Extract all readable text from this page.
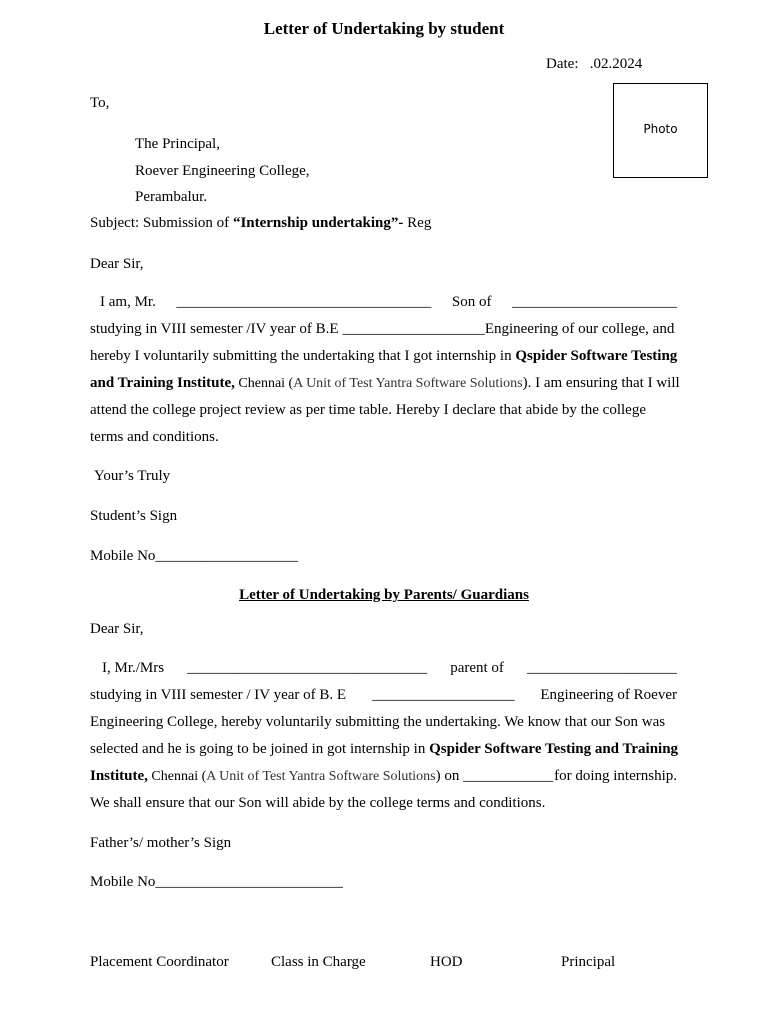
Letter of Undertaking by student
Date: .02.2024
Photo
To,
The Principal,
Roever Engineering College,
Perambalur.
Subject: Submission of “Internship undertaking”- Reg
Dear Sir,
I am, Mr. __________________________________ Son of ______________________
studying in VIII semester /IV year of B.E ___________________Engineering of our college, and
hereby I voluntarily submitting the undertaking that I got internship in Qspider Software Testing
and Training Institute, Chennai (A Unit of Test Yantra Software Solutions). I am ensuring that I will
attend the college project review as per time table. Hereby I declare that abide by the college
terms and conditions.
Your’s Truly
Student’s Sign
Mobile No___________________
Letter of Undertaking by Parents/ Guardians
Dear Sir,
I, Mr./Mrs ________________________________ parent of ____________________
studying in VIII semester / IV year of B. E ___________________ Engineering of Roever
Engineering College, hereby voluntarily submitting the undertaking. We know that our Son was
selected and he is going to be joined in got internship in Qspider Software Testing and Training
Institute, Chennai (A Unit of Test Yantra Software Solutions) on ____________ for doing internship.
We shall ensure that our Son will abide by the college terms and conditions.
Father’s/ mother’s Sign
Mobile No_________________________
Placement Coordinator	Class in Charge	HOD	Principal
